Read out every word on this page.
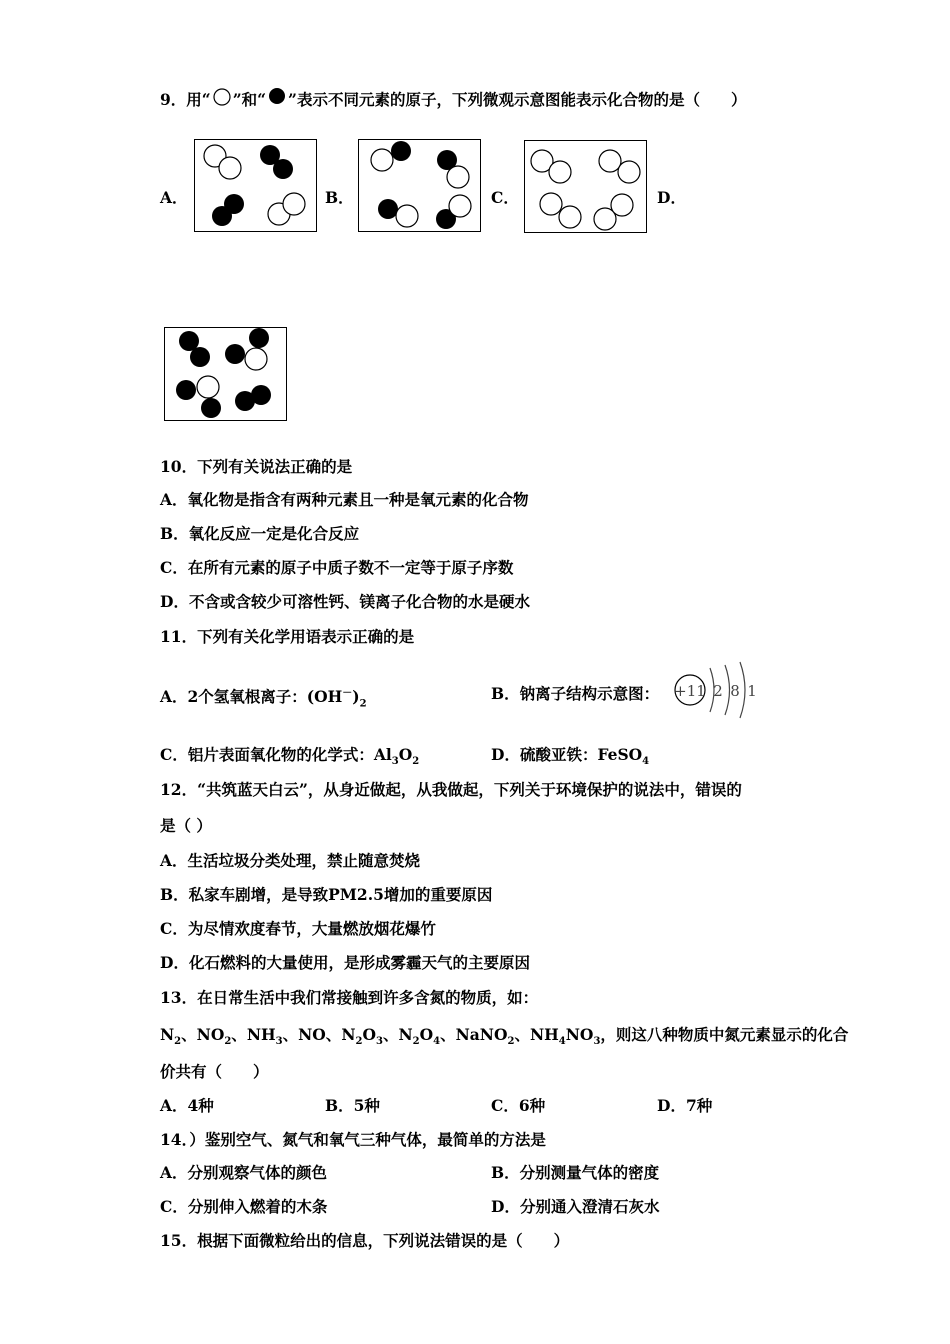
9．用“ ”和“ ”表示不同元素的原子，下列微观示意图能表示化合物的是（　　）
A．	B．	C．	D．
10．下列有关说法正确的是
A．氧化物是指含有两种元素且一种是氧元素的化合物
B．氧化反应一定是化合反应
C．在所有元素的原子中质子数不一定等于原子序数
D．不含或含较少可溶性钙、镁离子化合物的水是硬水
11．下列有关化学用语表示正确的是
A．2个氢氧根离子：$(OH^-)_2$
B．钠离子结构示意图： +11 2 8 1
C．铝片表面氧化物的化学式：$Al_3O_2$	D．硫酸亚铁：FeSO$_4$
12．“共筑蓝天白云”，从身近做起，从我做起，下列关于环境保护的说法中，错误的
是（ ）
A．生活垃圾分类处理，禁止随意焚烧
B．私家车剧增，是导致PM2.5增加的重要原因
C．为尽情欢度春节，大量燃放烟花爆竹
D．化石燃料的大量使用，是形成雾霾天气的主要原因
13．在日常生活中我们常接触到许多含氮的物质，如：
$N_2$、$NO_2$、$NH_3$、NO、$N_2O_3$、$N_2O_4$、NaNO$_2$、$NH_4NO_3$，则这八种物质中氮元素显示的化合
价共有（　　）
A．4种	B．5种	C．6种	D．7种
14．）鉴别空气、氮气和氧气三种气体，最简单的方法是
A．分别观察气体的颜色	B．分别测量气体的密度
C．分别伸入燃着的木条	D．分别通入澄清石灰水
15．根据下面微粒给出的信息，下列说法错误的是（　　）
